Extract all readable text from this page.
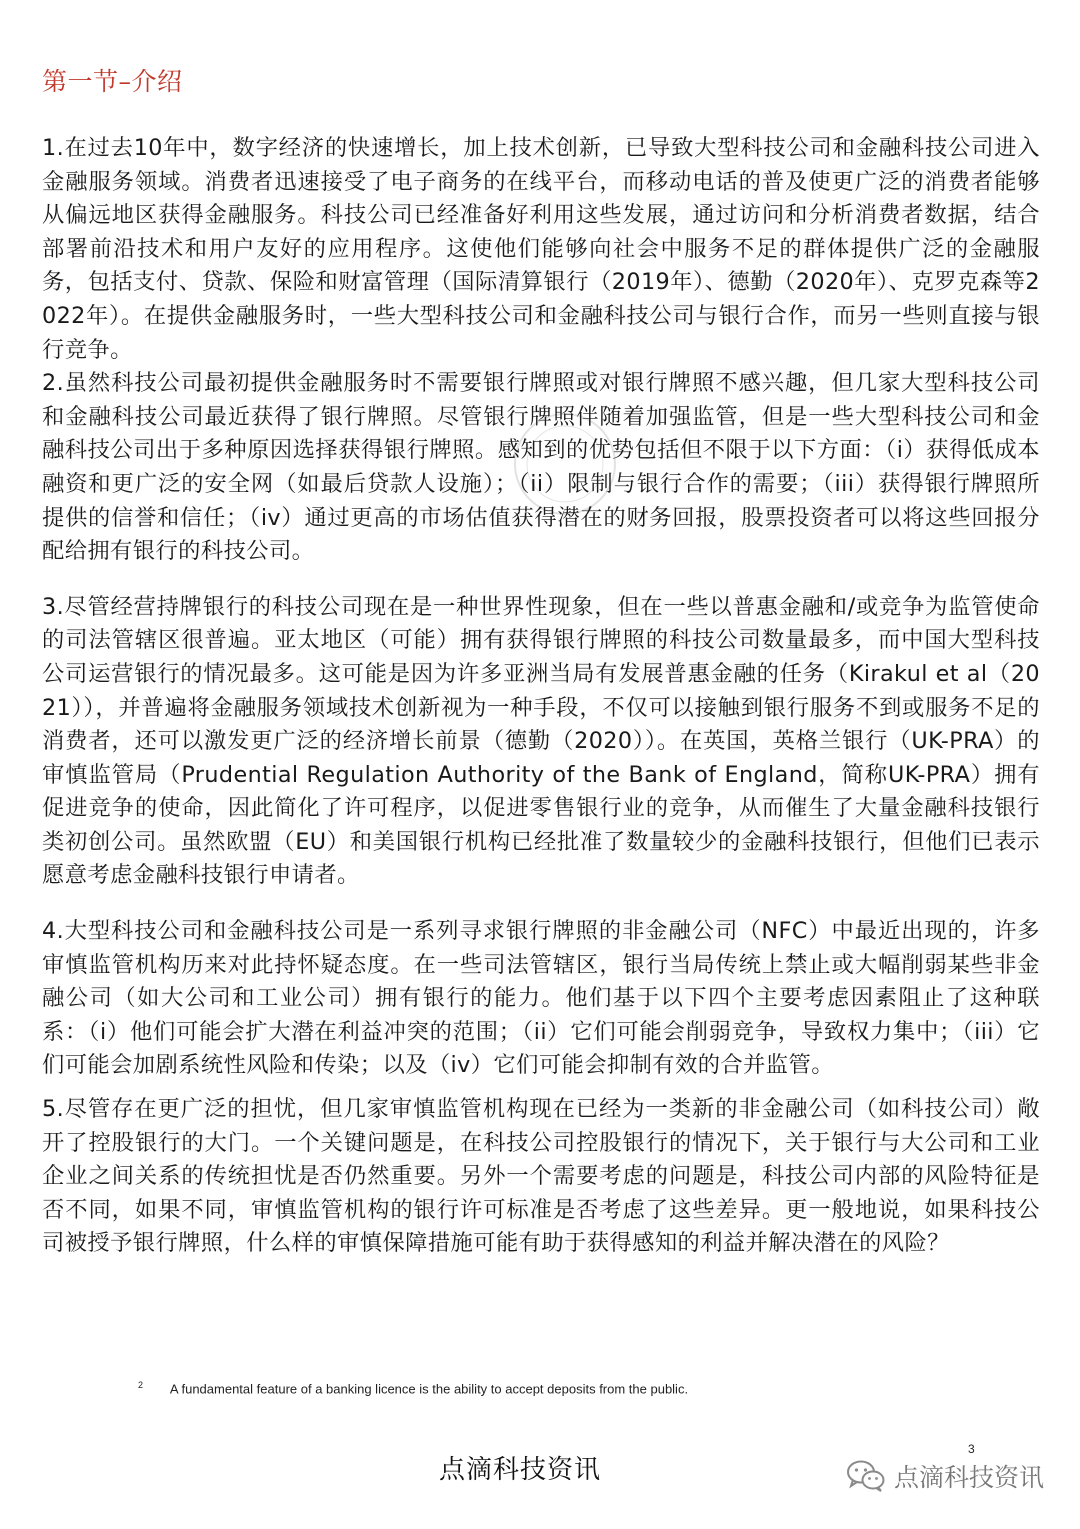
第一节–介绍

1.在过去10年中，数字经济的快速增长，加上技术创新，已导致大型科技公司和金融科技公司进入金融服务领域。消费者迅速接受了电子商务的在线平台，而移动电话的普及使更广泛的消费者能够从偏远地区获得金融服务。科技公司已经准备好利用这些发展，通过访问和分析消费者数据，结合部署前沿技术和用户友好的应用程序。这使他们能够向社会中服务不足的群体提供广泛的金融服务，包括支付、贷款、保险和财富管理（国际清算银行（2019年）、德勤（2020年）、克罗克森等2022年）。在提供金融服务时，一些大型科技公司和金融科技公司与银行合作，而另一些则直接与银行竞争。

2.虽然科技公司最初提供金融服务时不需要银行牌照或对银行牌照不感兴趣，但几家大型科技公司和金融科技公司最近获得了银行牌照。尽管银行牌照伴随着加强监管，但是一些大型科技公司和金融科技公司出于多种原因选择获得银行牌照。感知到的优势包括但不限于以下方面：（i）获得低成本融资和更广泛的安全网（如最后贷款人设施）；（ii）限制与银行合作的需要；（iii）获得银行牌照所提供的信誉和信任；（iv）通过更高的市场估值获得潜在的财务回报，股票投资者可以将这些回报分配给拥有银行的科技公司。

3.尽管经营持牌银行的科技公司现在是一种世界性现象，但在一些以普惠金融和/或竞争为监管使命的司法管辖区很普遍。亚太地区（可能）拥有获得银行牌照的科技公司数量最多，而中国大型科技公司运营银行的情况最多。这可能是因为许多亚洲当局有发展普惠金融的任务（Kirakul et al（2021）），并普遍将金融服务领域技术创新视为一种手段，不仅可以接触到银行服务不到或服务不足的消费者，还可以激发更广泛的经济增长前景（德勤（2020））。在英国，英格兰银行（UK-PRA）的审慎监管局（Prudential Regulation Authority of the Bank of England，简称UK-PRA）拥有促进竞争的使命，因此简化了许可程序，以促进零售银行业的竞争，从而催生了大量金融科技银行类初创公司。虽然欧盟（EU）和美国银行机构已经批准了数量较少的金融科技银行，但他们已表示愿意考虑金融科技银行申请者。

4.大型科技公司和金融科技公司是一系列寻求银行牌照的非金融公司（NFC）中最近出现的，许多审慎监管机构历来对此持怀疑态度。在一些司法管辖区，银行当局传统上禁止或大幅削弱某些非金融公司（如大公司和工业公司）拥有银行的能力。他们基于以下四个主要考虑因素阻止了这种联系：（i）他们可能会扩大潜在利益冲突的范围；（ii）它们可能会削弱竞争，导致权力集中；（iii）它们可能会加剧系统性风险和传染；以及（iv）它们可能会抑制有效的合并监管。

5.尽管存在更广泛的担忧，但几家审慎监管机构现在已经为一类新的非金融公司（如科技公司）敞开了控股银行的大门。一个关键问题是，在科技公司控股银行的情况下，关于银行与大公司和工业企业之间关系的传统担忧是否仍然重要。另外一个需要考虑的问题是，科技公司内部的风险特征是否不同，如果不同，审慎监管机构的银行许可标准是否考虑了这些差异。更一般地说，如果科技公司被授予银行牌照，什么样的审慎保障措施可能有助于获得感知的利益并解决潜在的风险？

$^2$ A fundamental feature of a banking licence is the ability to accept deposits from the public.
3
点滴科技资讯	点滴科技资讯
